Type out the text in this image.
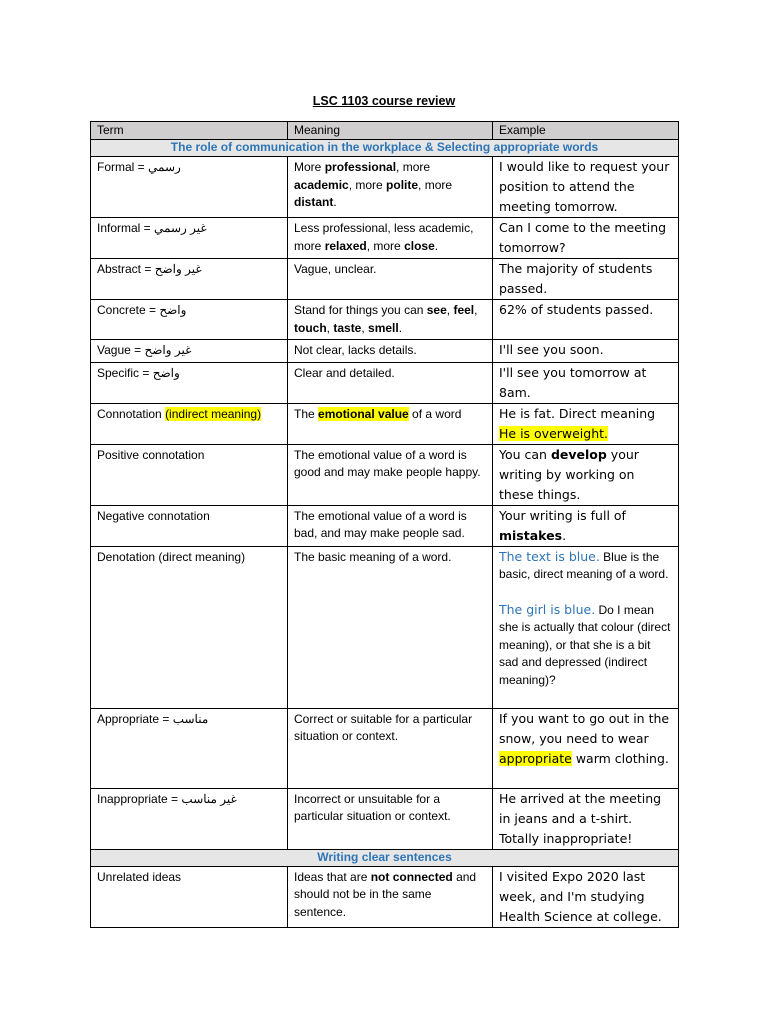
LSC 1103 course review
Term	Meaning	Example
The role of communication in the workplace & Selecting appropriate words		
Formal = رسمي	More professional, more academic, more polite, more distant.	I would like to request your position to attend the meeting tomorrow.
Informal = غير رسمي	Less professional, less academic, more relaxed, more close.	Can I come to the meeting tomorrow?
Abstract = غير واضح	Vague, unclear.	The majority of students passed.
Concrete = واضح	Stand for things you can see, feel, touch, taste, smell.	62% of students passed.
Vague = غير واضح	Not clear, lacks details.	I'll see you soon.
Specific = واضح	Clear and detailed.	I'll see you tomorrow at 8am.
Connotation (indirect meaning)	The emotional value of a word	He is fat. Direct meaning He is overweight.
Positive connotation	The emotional value of a word is good and may make people happy.	You can develop your writing by working on these things.
Negative connotation	The emotional value of a word is bad, and may make people sad.	Your writing is full of mistakes.
Denotation (direct meaning)	The basic meaning of a word.	The text is blue. Blue is the basic, direct meaning of a word.
The girl is blue. Do I mean she is actually that colour (direct meaning), or that she is a bit sad and depressed (indirect meaning)?
Appropriate = مناسب	Correct or suitable for a particular situation or context.	If you want to go out in the snow, you need to wear appropriate warm clothing.
Inappropriate = غير مناسب	Incorrect or unsuitable for a particular situation or context.	He arrived at the meeting in jeans and a t-shirt. Totally inappropriate!
Writing clear sentences		
Unrelated ideas	Ideas that are not connected and should not be in the same sentence.	I visited Expo 2020 last week, and I'm studying Health Science at college.
